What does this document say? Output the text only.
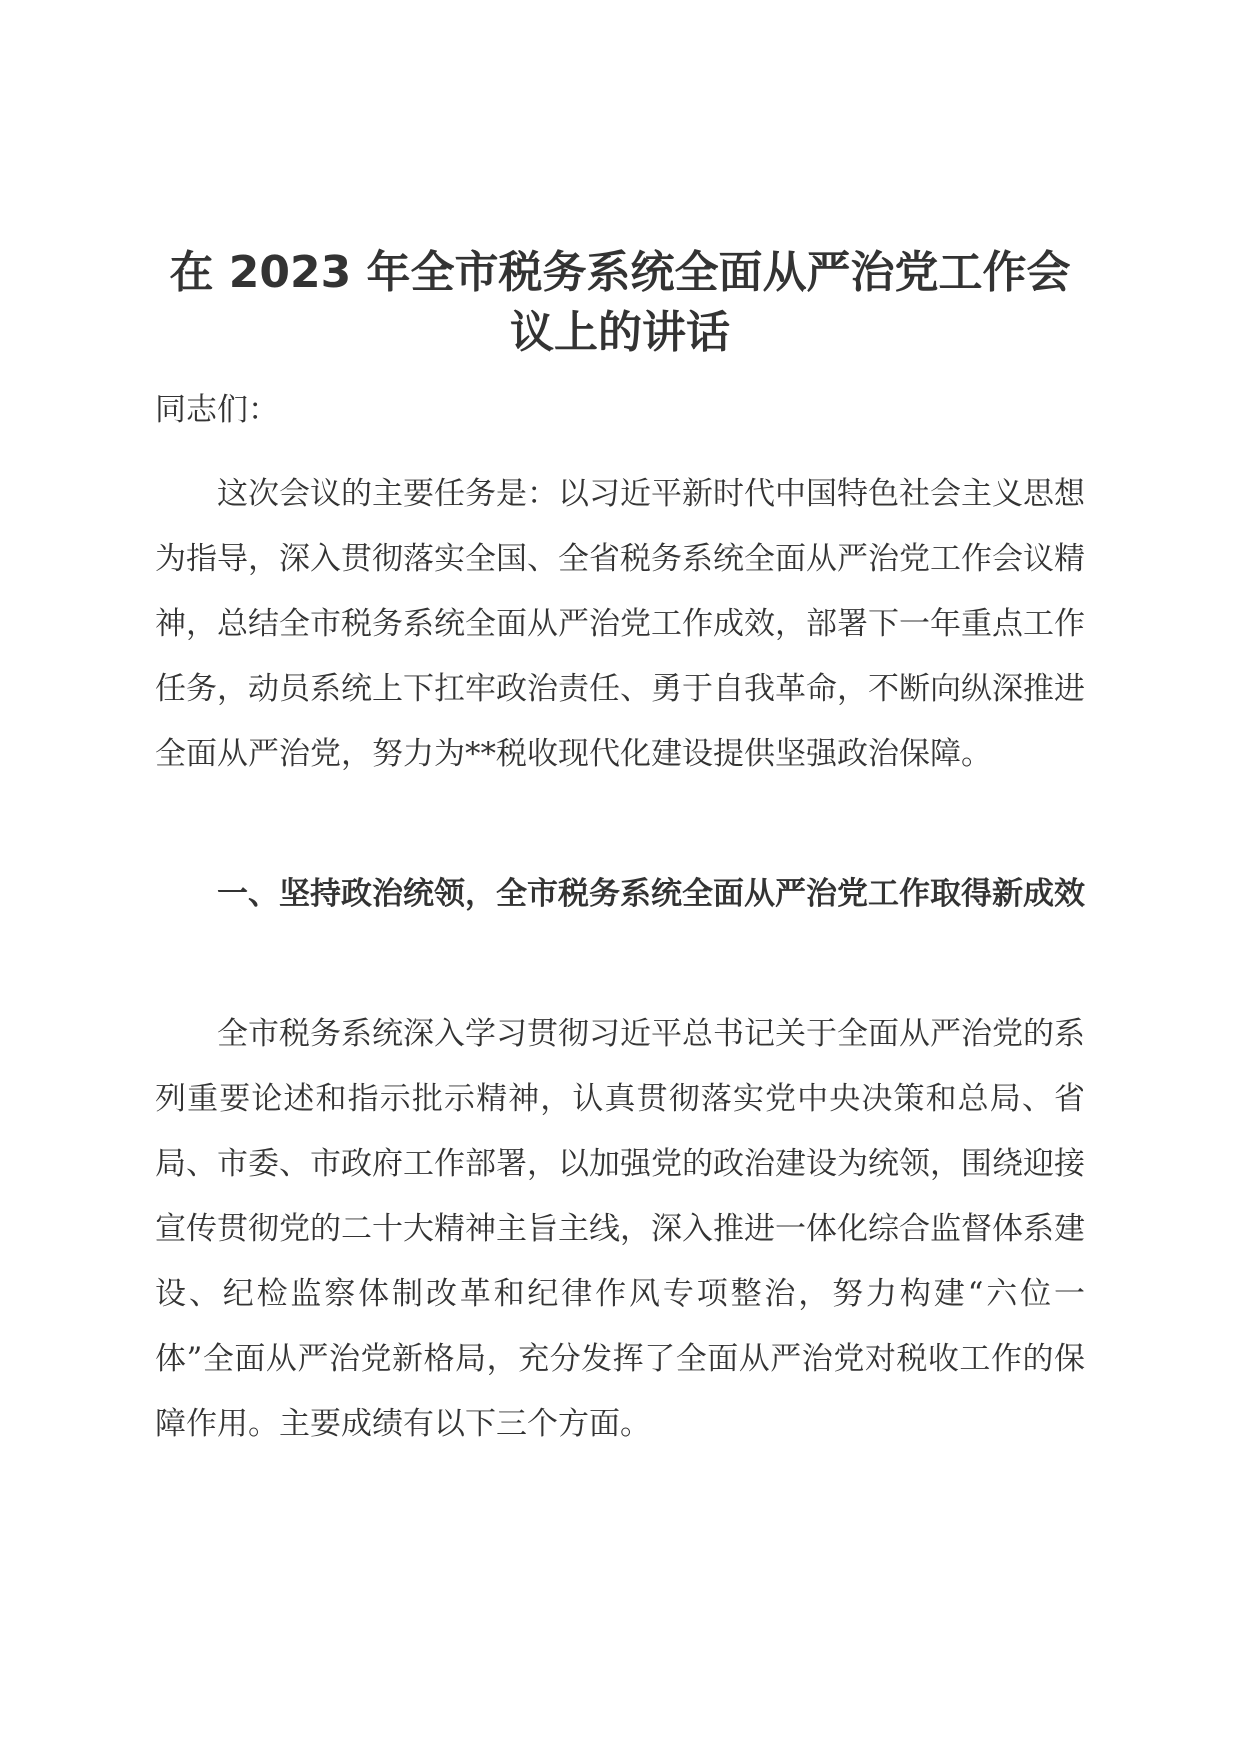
在 2023 年全市税务系统全面从严治党工作会议上的讲话

同志们：

这次会议的主要任务是：以习近平新时代中国特色社会主义思想为指导，深入贯彻落实全国、全省税务系统全面从严治党工作会议精神，总结全市税务系统全面从严治党工作成效，部署下一年重点工作任务，动员系统上下扛牢政治责任、勇于自我革命，不断向纵深推进全面从严治党，努力为**税收现代化建设提供坚强政治保障。

一、坚持政治统领，全市税务系统全面从严治党工作取得新成效

全市税务系统深入学习贯彻习近平总书记关于全面从严治党的系列重要论述和指示批示精神，认真贯彻落实党中央决策和总局、省局、市委、市政府工作部署，以加强党的政治建设为统领，围绕迎接宣传贯彻党的二十大精神主旨主线，深入推进一体化综合监督体系建设、纪检监察体制改革和纪律作风专项整治，努力构建“六位一体”全面从严治党新格局，充分发挥了全面从严治党对税收工作的保障作用。主要成绩有以下三个方面。
